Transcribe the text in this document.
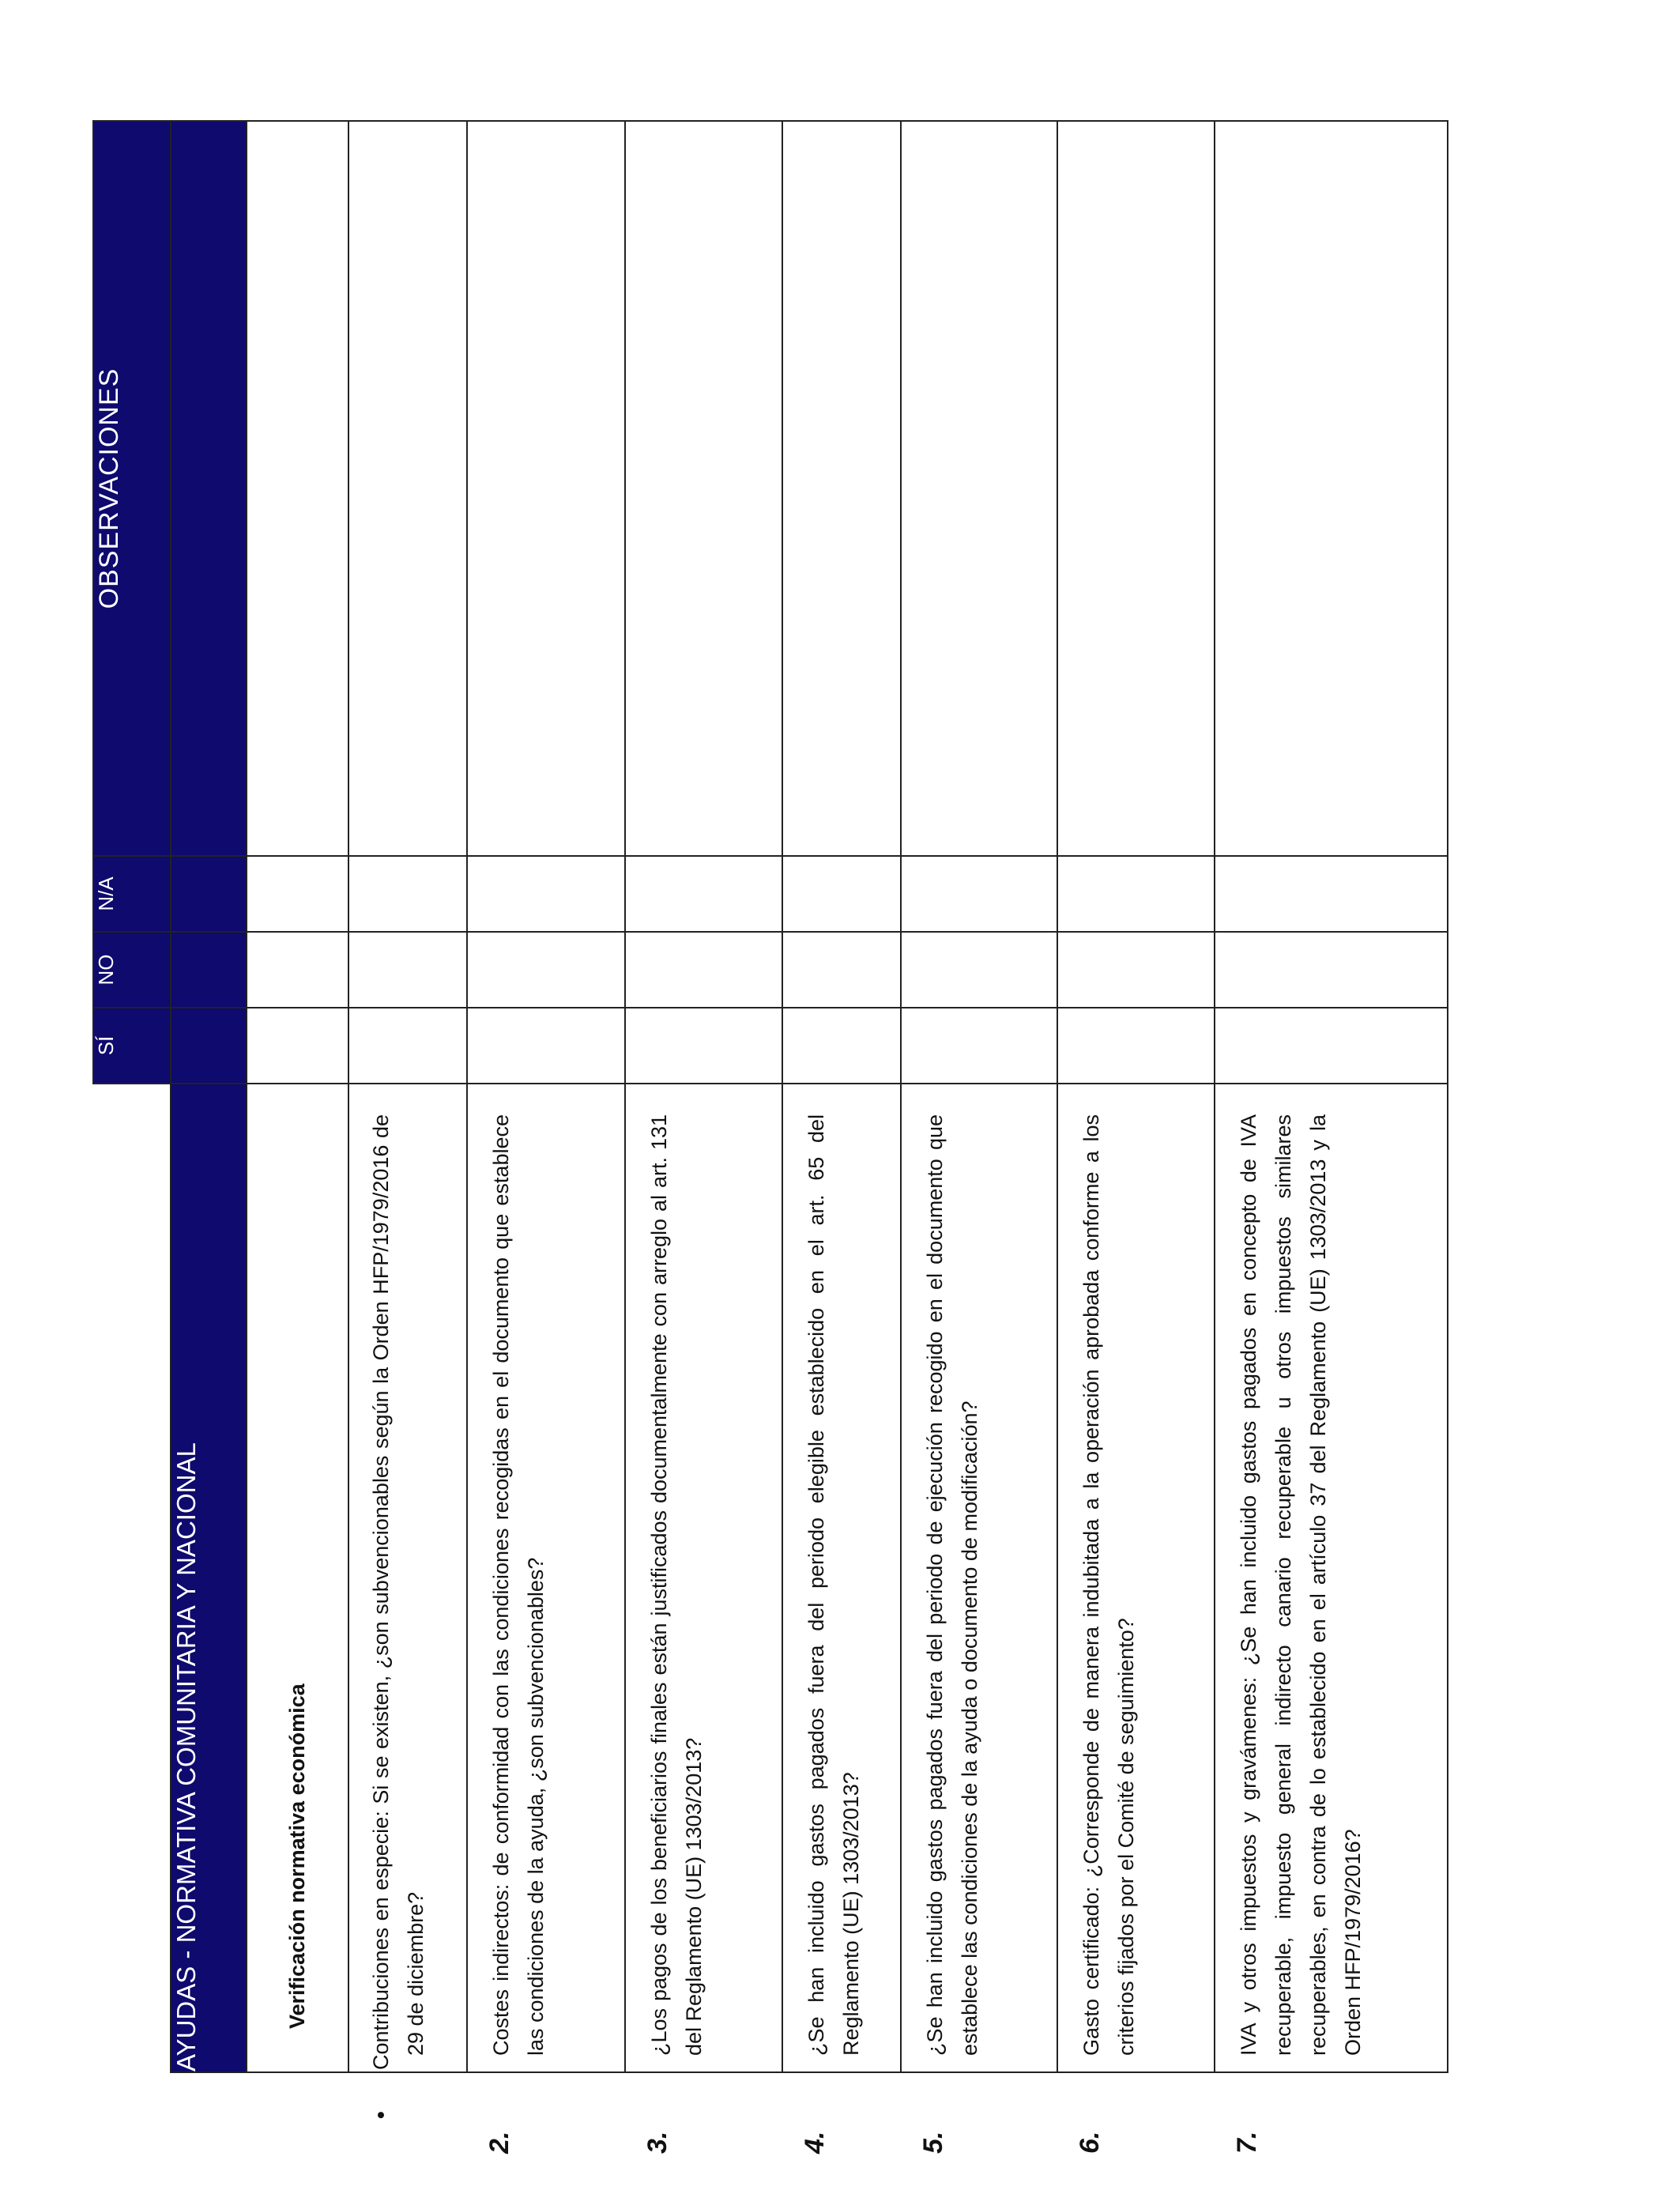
	SÍ	NO	N/A	OBSERVACIONES
AYUDAS - NORMATIVA COMUNITARIA Y NACIONAL				
Verificación normativa económica				
•Contribuciones en especie: Si se existen, ¿son subvencionables según la Orden HFP/1979/2016 de 29 de diciembre?				
2.Costes indirectos: de conformidad con las condiciones recogidas en el documento que establece las condiciones de la ayuda, ¿son subvencionables?				
3.¿Los pagos de los beneficiarios finales están justificados documentalmente con arreglo al art. 131 del Reglamento (UE) 1303/2013?				
4.¿Se han incluido gastos pagados fuera del periodo elegible establecido en el art. 65 del Reglamento (UE) 1303/2013?				
5.¿Se han incluido gastos pagados fuera del periodo de ejecución recogido en el documento que establece las condiciones de la ayuda o documento de modificación?				
6.Gasto certificado: ¿Corresponde de manera indubitada a la operación aprobada conforme a los criterios fijados por el Comité de seguimiento?				
7.IVA y otros impuestos y gravámenes: ¿Se han incluido gastos pagados en concepto de IVA recuperable, impuesto general indirecto canario recuperable u otros impuestos similares recuperables, en contra de lo establecido en el artículo 37 del Reglamento (UE) 1303/2013 y la Orden HFP/1979/2016?				
